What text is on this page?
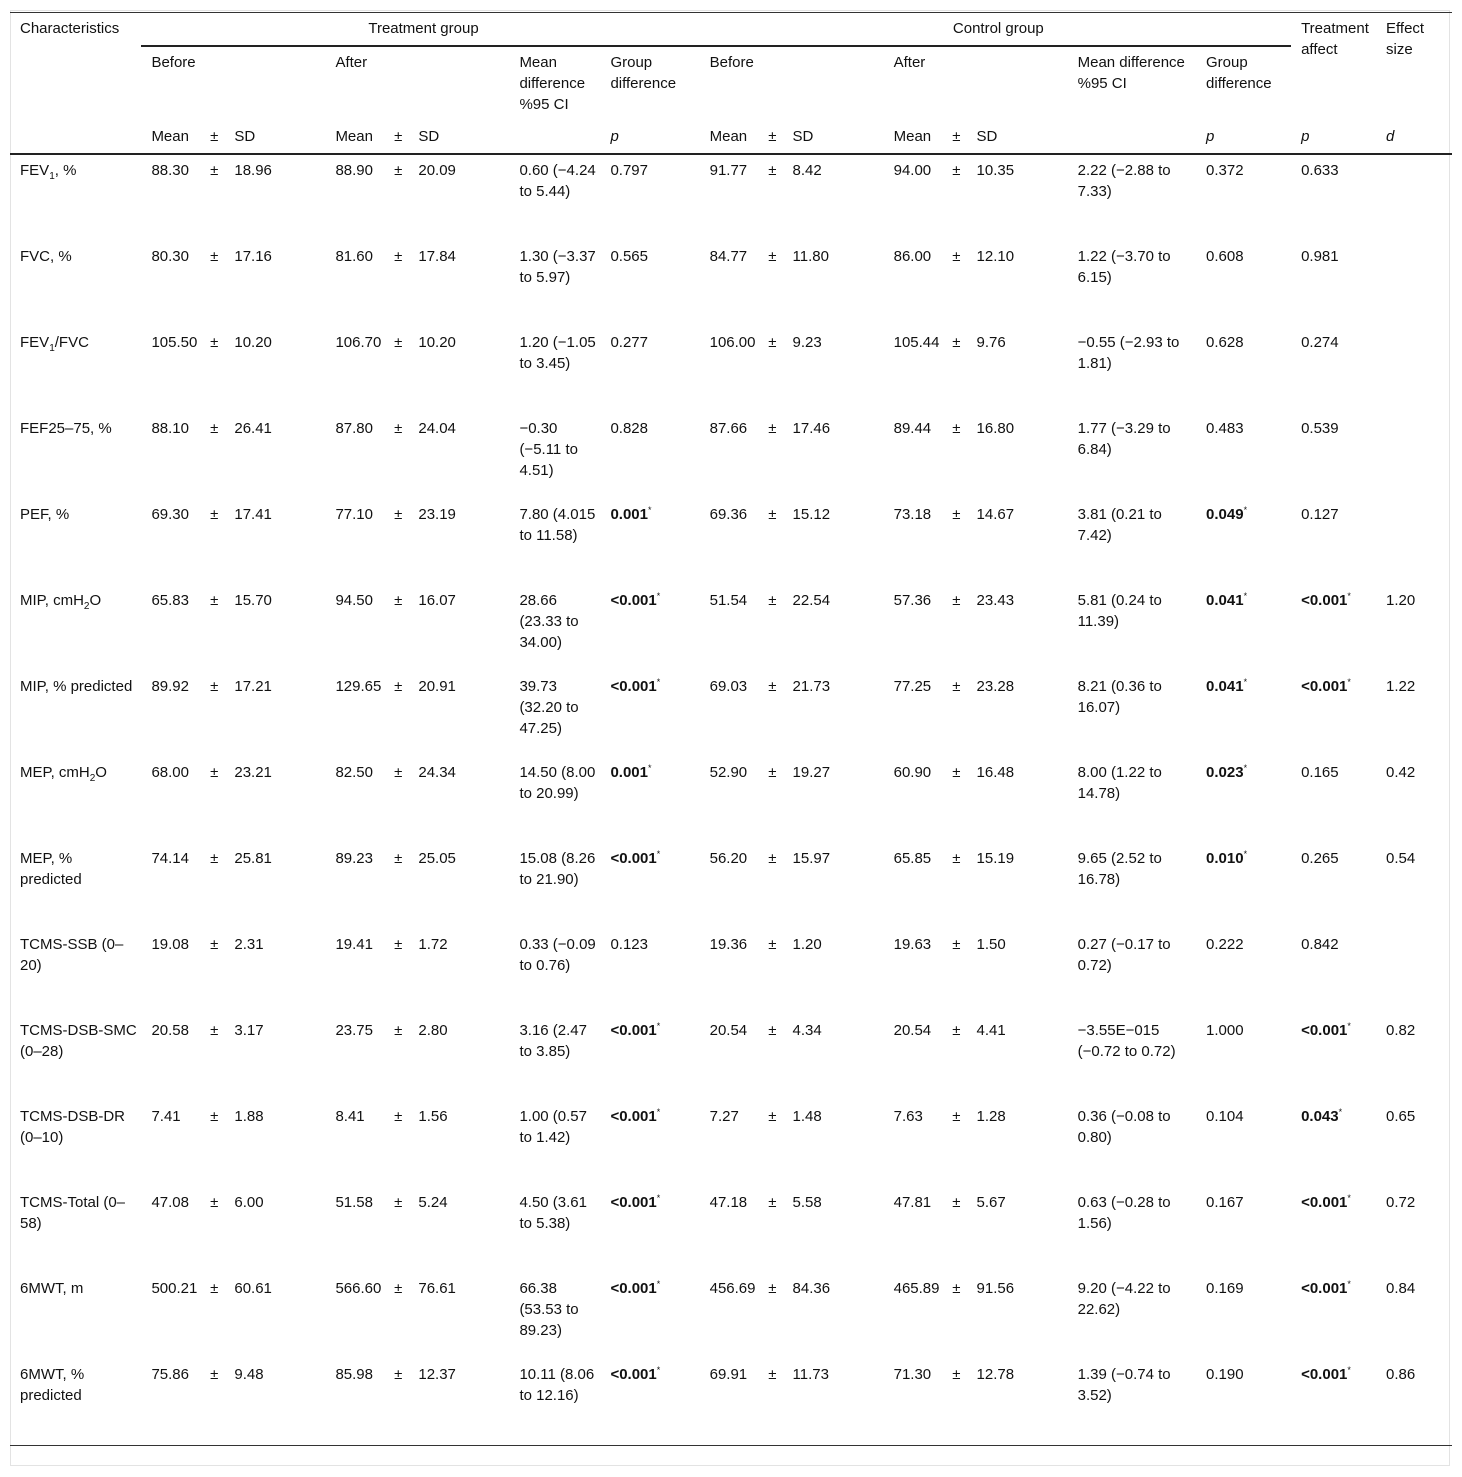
Characteristics	Treatment group								Control group								Treatment affect	Effect size
	Before			After			Mean difference %95 CI	Group difference	Before			After			Mean difference %95 CI	Group difference		
	Mean	±	SD	Mean	±	SD		p	Mean	±	SD	Mean	±	SD		p	p	d
$FEV_1$, %	88.30	±	18.96	88.90	±	20.09	0.60 (−4.24 to 5.44)	0.797	91.77	±	8.42	94.00	±	10.35	2.22 (−2.88 to 7.33)	0.372	0.633	
FVC, %	80.30	±	17.16	81.60	±	17.84	1.30 (−3.37 to 5.97)	0.565	84.77	±	11.80	86.00	±	12.10	1.22 (−3.70 to 6.15)	0.608	0.981	
$FEV_1$/FVC	105.50	±	10.20	106.70	±	10.20	1.20 (−1.05 to 3.45)	0.277	106.00	±	9.23	105.44	±	9.76	−0.55 (−2.93 to 1.81)	0.628	0.274	
FEF25–75, %	88.10	±	26.41	87.80	±	24.04	−0.30 (−5.11 to 4.51)	0.828	87.66	±	17.46	89.44	±	16.80	1.77 (−3.29 to 6.84)	0.483	0.539	
PEF, %	69.30	±	17.41	77.10	±	23.19	7.80 (4.015 to 11.58)	0.001*	69.36	±	15.12	73.18	±	14.67	3.81 (0.21 to 7.42)	0.049*	0.127	
MIP, cmH$_2$O	65.83	±	15.70	94.50	±	16.07	28.66 (23.33 to 34.00)	<0.001*	51.54	±	22.54	57.36	±	23.43	5.81 (0.24 to 11.39)	0.041*	<0.001*	1.20
MIP, % predicted	89.92	±	17.21	129.65	±	20.91	39.73 (32.20 to 47.25)	<0.001*	69.03	±	21.73	77.25	±	23.28	8.21 (0.36 to 16.07)	0.041*	<0.001*	1.22
MEP, cmH$_2$O	68.00	±	23.21	82.50	±	24.34	14.50 (8.00 to 20.99)	0.001*	52.90	±	19.27	60.90	±	16.48	8.00 (1.22 to 14.78)	0.023*	0.165	0.42
MEP, % predicted	74.14	±	25.81	89.23	±	25.05	15.08 (8.26 to 21.90)	<0.001*	56.20	±	15.97	65.85	±	15.19	9.65 (2.52 to 16.78)	0.010*	0.265	0.54
TCMS-SSB (0–20)	19.08	±	2.31	19.41	±	1.72	0.33 (−0.09 to 0.76)	0.123	19.36	±	1.20	19.63	±	1.50	0.27 (−0.17 to 0.72)	0.222	0.842	
TCMS-DSB-SMC (0–28)	20.58	±	3.17	23.75	±	2.80	3.16 (2.47 to 3.85)	<0.001*	20.54	±	4.34	20.54	±	4.41	−3.55E−015 (−0.72 to 0.72)	1.000	<0.001*	0.82
TCMS-DSB-DR (0–10)	7.41	±	1.88	8.41	±	1.56	1.00 (0.57 to 1.42)	<0.001*	7.27	±	1.48	7.63	±	1.28	0.36 (−0.08 to 0.80)	0.104	0.043*	0.65
TCMS-Total (0–58)	47.08	±	6.00	51.58	±	5.24	4.50 (3.61 to 5.38)	<0.001*	47.18	±	5.58	47.81	±	5.67	0.63 (−0.28 to 1.56)	0.167	<0.001*	0.72
6MWT, m	500.21	±	60.61	566.60	±	76.61	66.38 (53.53 to 89.23)	<0.001*	456.69	±	84.36	465.89	±	91.56	9.20 (−4.22 to 22.62)	0.169	<0.001*	0.84
6MWT, % predicted	75.86	±	9.48	85.98	±	12.37	10.11 (8.06 to 12.16)	<0.001*	69.91	±	11.73	71.30	±	12.78	1.39 (−0.74 to 3.52)	0.190	<0.001*	0.86
